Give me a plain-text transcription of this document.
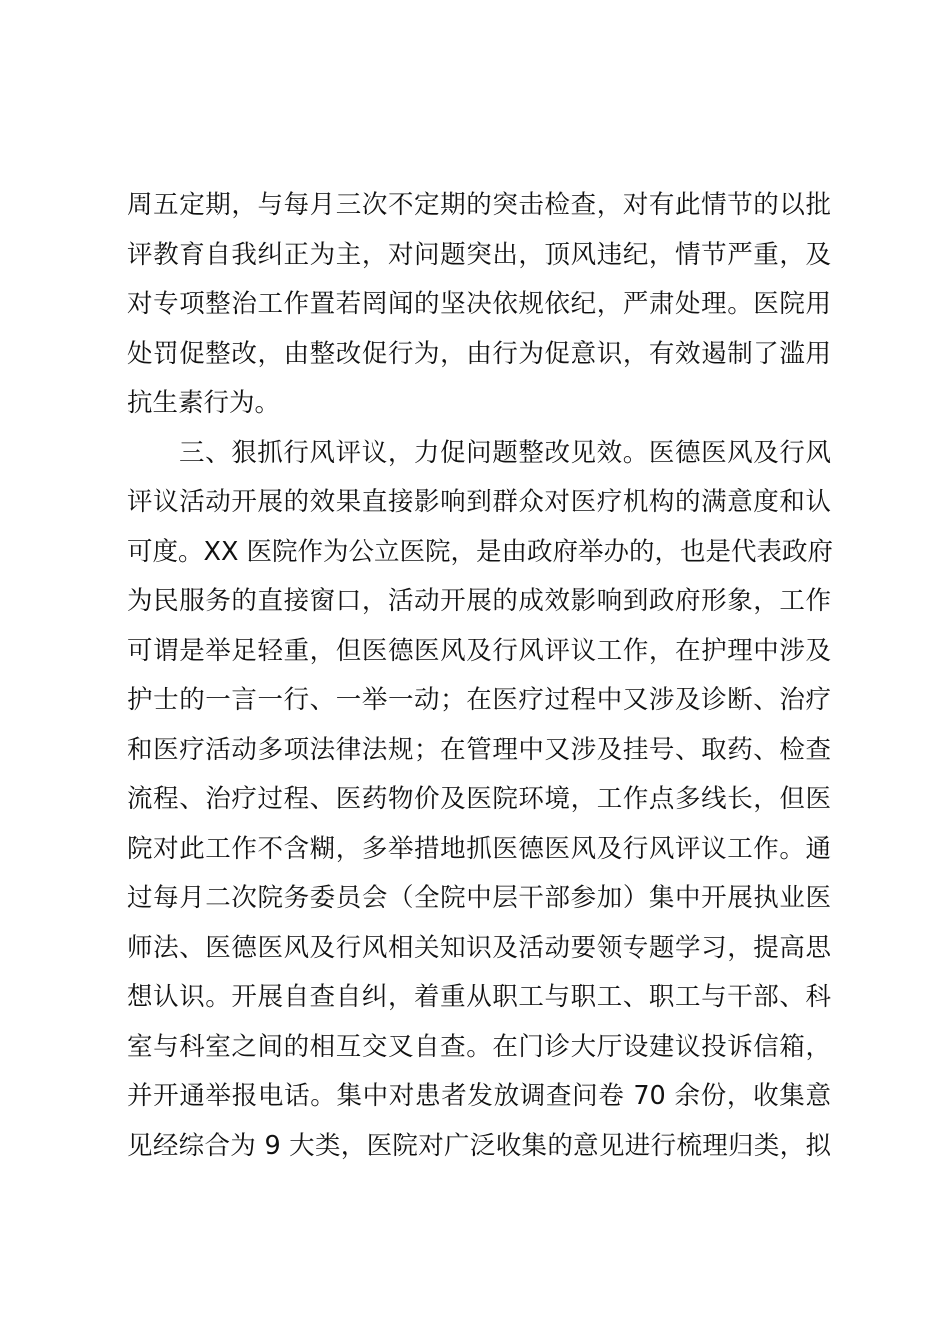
周五定期，与每月三次不定期的突击检查，对有此情节的以批
评教育自我纠正为主，对问题突出，顶风违纪，情节严重，及
对专项整治工作置若罔闻的坚决依规依纪，严肃处理。医院用
处罚促整改，由整改促行为，由行为促意识，有效遏制了滥用
抗生素行为。
三、狠抓行风评议，力促问题整改见效。医德医风及行风
评议活动开展的效果直接影响到群众对医疗机构的满意度和认
可度。XX 医院作为公立医院，是由政府举办的，也是代表政府
为民服务的直接窗口，活动开展的成效影响到政府形象，工作
可谓是举足轻重，但医德医风及行风评议工作，在护理中涉及
护士的一言一行、一举一动；在医疗过程中又涉及诊断、治疗
和医疗活动多项法律法规；在管理中又涉及挂号、取药、检查
流程、治疗过程、医药物价及医院环境，工作点多线长，但医
院对此工作不含糊，多举措地抓医德医风及行风评议工作。通
过每月二次院务委员会（全院中层干部参加）集中开展执业医
师法、医德医风及行风相关知识及活动要领专题学习，提高思
想认识。开展自查自纠，着重从职工与职工、职工与干部、科
室与科室之间的相互交叉自查。在门诊大厅设建议投诉信箱，
并开通举报电话。集中对患者发放调查问卷 70 余份，收集意
见经综合为 9 大类，医院对广泛收集的意见进行梳理归类，拟
